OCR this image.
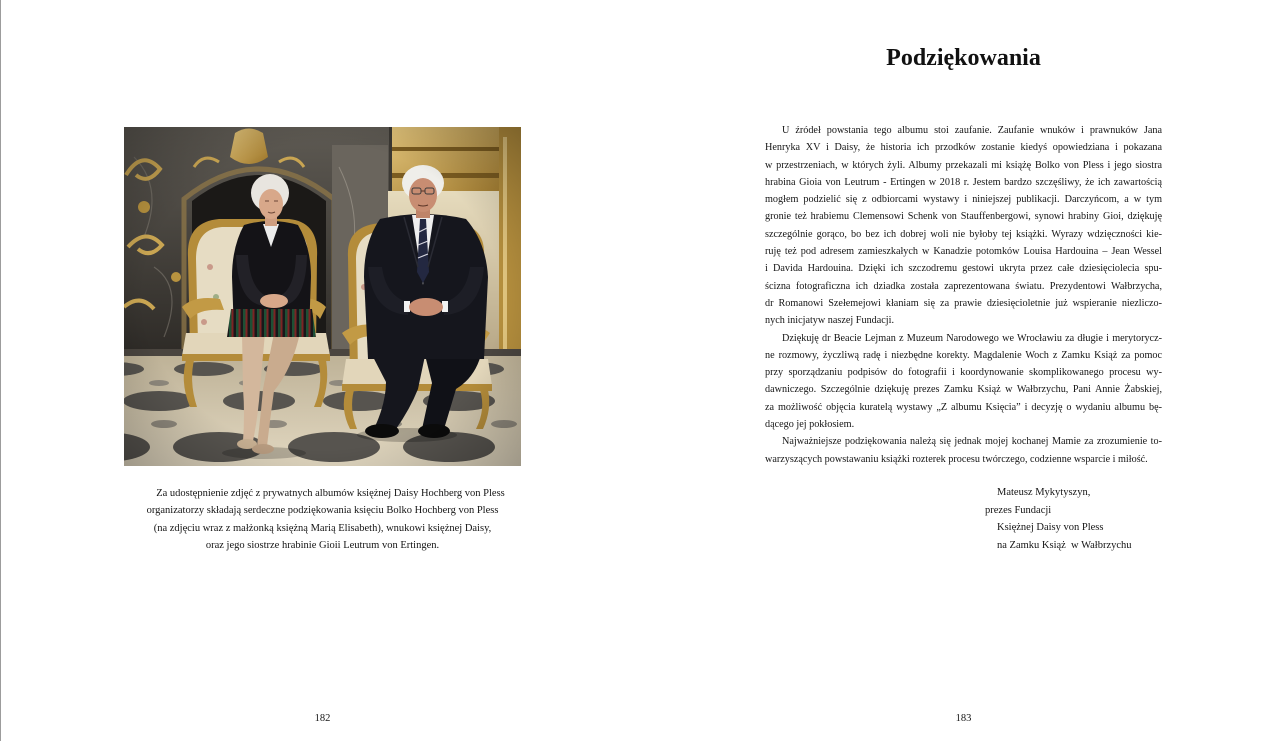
Za udostępnienie zdjęć z prywatnych albumów księżnej Daisy Hochberg von Pless
organizatorzy składają serdeczne podziękowania księciu Bolko Hochberg von Pless
(na zdjęciu wraz z małżonką księżną Marią Elisabeth), wnukowi księżnej Daisy,
oraz jego siostrze hrabinie Gioii Leutrum von Ertingen.
182
Podziękowania
U źródeł powstania tego albumu stoi zaufanie. Zaufanie wnuków i prawnuków Jana
Henryka XV i Daisy, że historia ich przodków zostanie kiedyś opowiedziana i pokazana
w przestrzeniach, w których żyli. Albumy przekazali mi książę Bolko von Pless i jego siostra
hrabina Gioia von Leutrum - Ertingen w 2018 r. Jestem bardzo szczęśliwy, że ich zawartością
mogłem podzielić się z odbiorcami wystawy i niniejszej publikacji. Darczyńcom, a w tym
gronie też hrabiemu Clemensowi Schenk von Stauffenbergowi, synowi hrabiny Gioi, dziękuję
szczególnie gorąco, bo bez ich dobrej woli nie byłoby tej książki. Wyrazy wdzięczności kie-
ruję też pod adresem zamieszkałych w Kanadzie potomków Louisa Hardouina – Jean Wessel
i Davida Hardouina. Dzięki ich szczodremu gestowi ukryta przez całe dziesięciolecia spu-
ścizna fotograficzna ich dziadka została zaprezentowana światu. Prezydentowi Wałbrzycha,
dr Romanowi Szełemejowi kłaniam się za prawie dziesięcioletnie już wspieranie niezliczo-
nych inicjatyw naszej Fundacji.
Dziękuję dr Beacie Lejman z Muzeum Narodowego we Wrocławiu za długie i merytorycz-
ne rozmowy, życzliwą radę i niezbędne korekty. Magdalenie Woch z Zamku Książ za pomoc
przy sporządzaniu podpisów do fotografii i koordynowanie skomplikowanego procesu wy-
dawniczego. Szczególnie dziękuję prezes Zamku Książ w Wałbrzychu, Pani Annie Żabskiej,
za możliwość objęcia kuratelą wystawy „Z albumu Księcia” i decyzję o wydaniu albumu bę-
dącego jej pokłosiem.
Najważniejsze podziękowania należą się jednak mojej kochanej Mamie za zrozumienie to-
warzyszących powstawaniu książki rozterek procesu twórczego, codzienne wsparcie i miłość.
Mateusz Mykytyszyn,
prezes Fundacji
Księżnej Daisy von Pless
na Zamku Książ  w Wałbrzychu
183
